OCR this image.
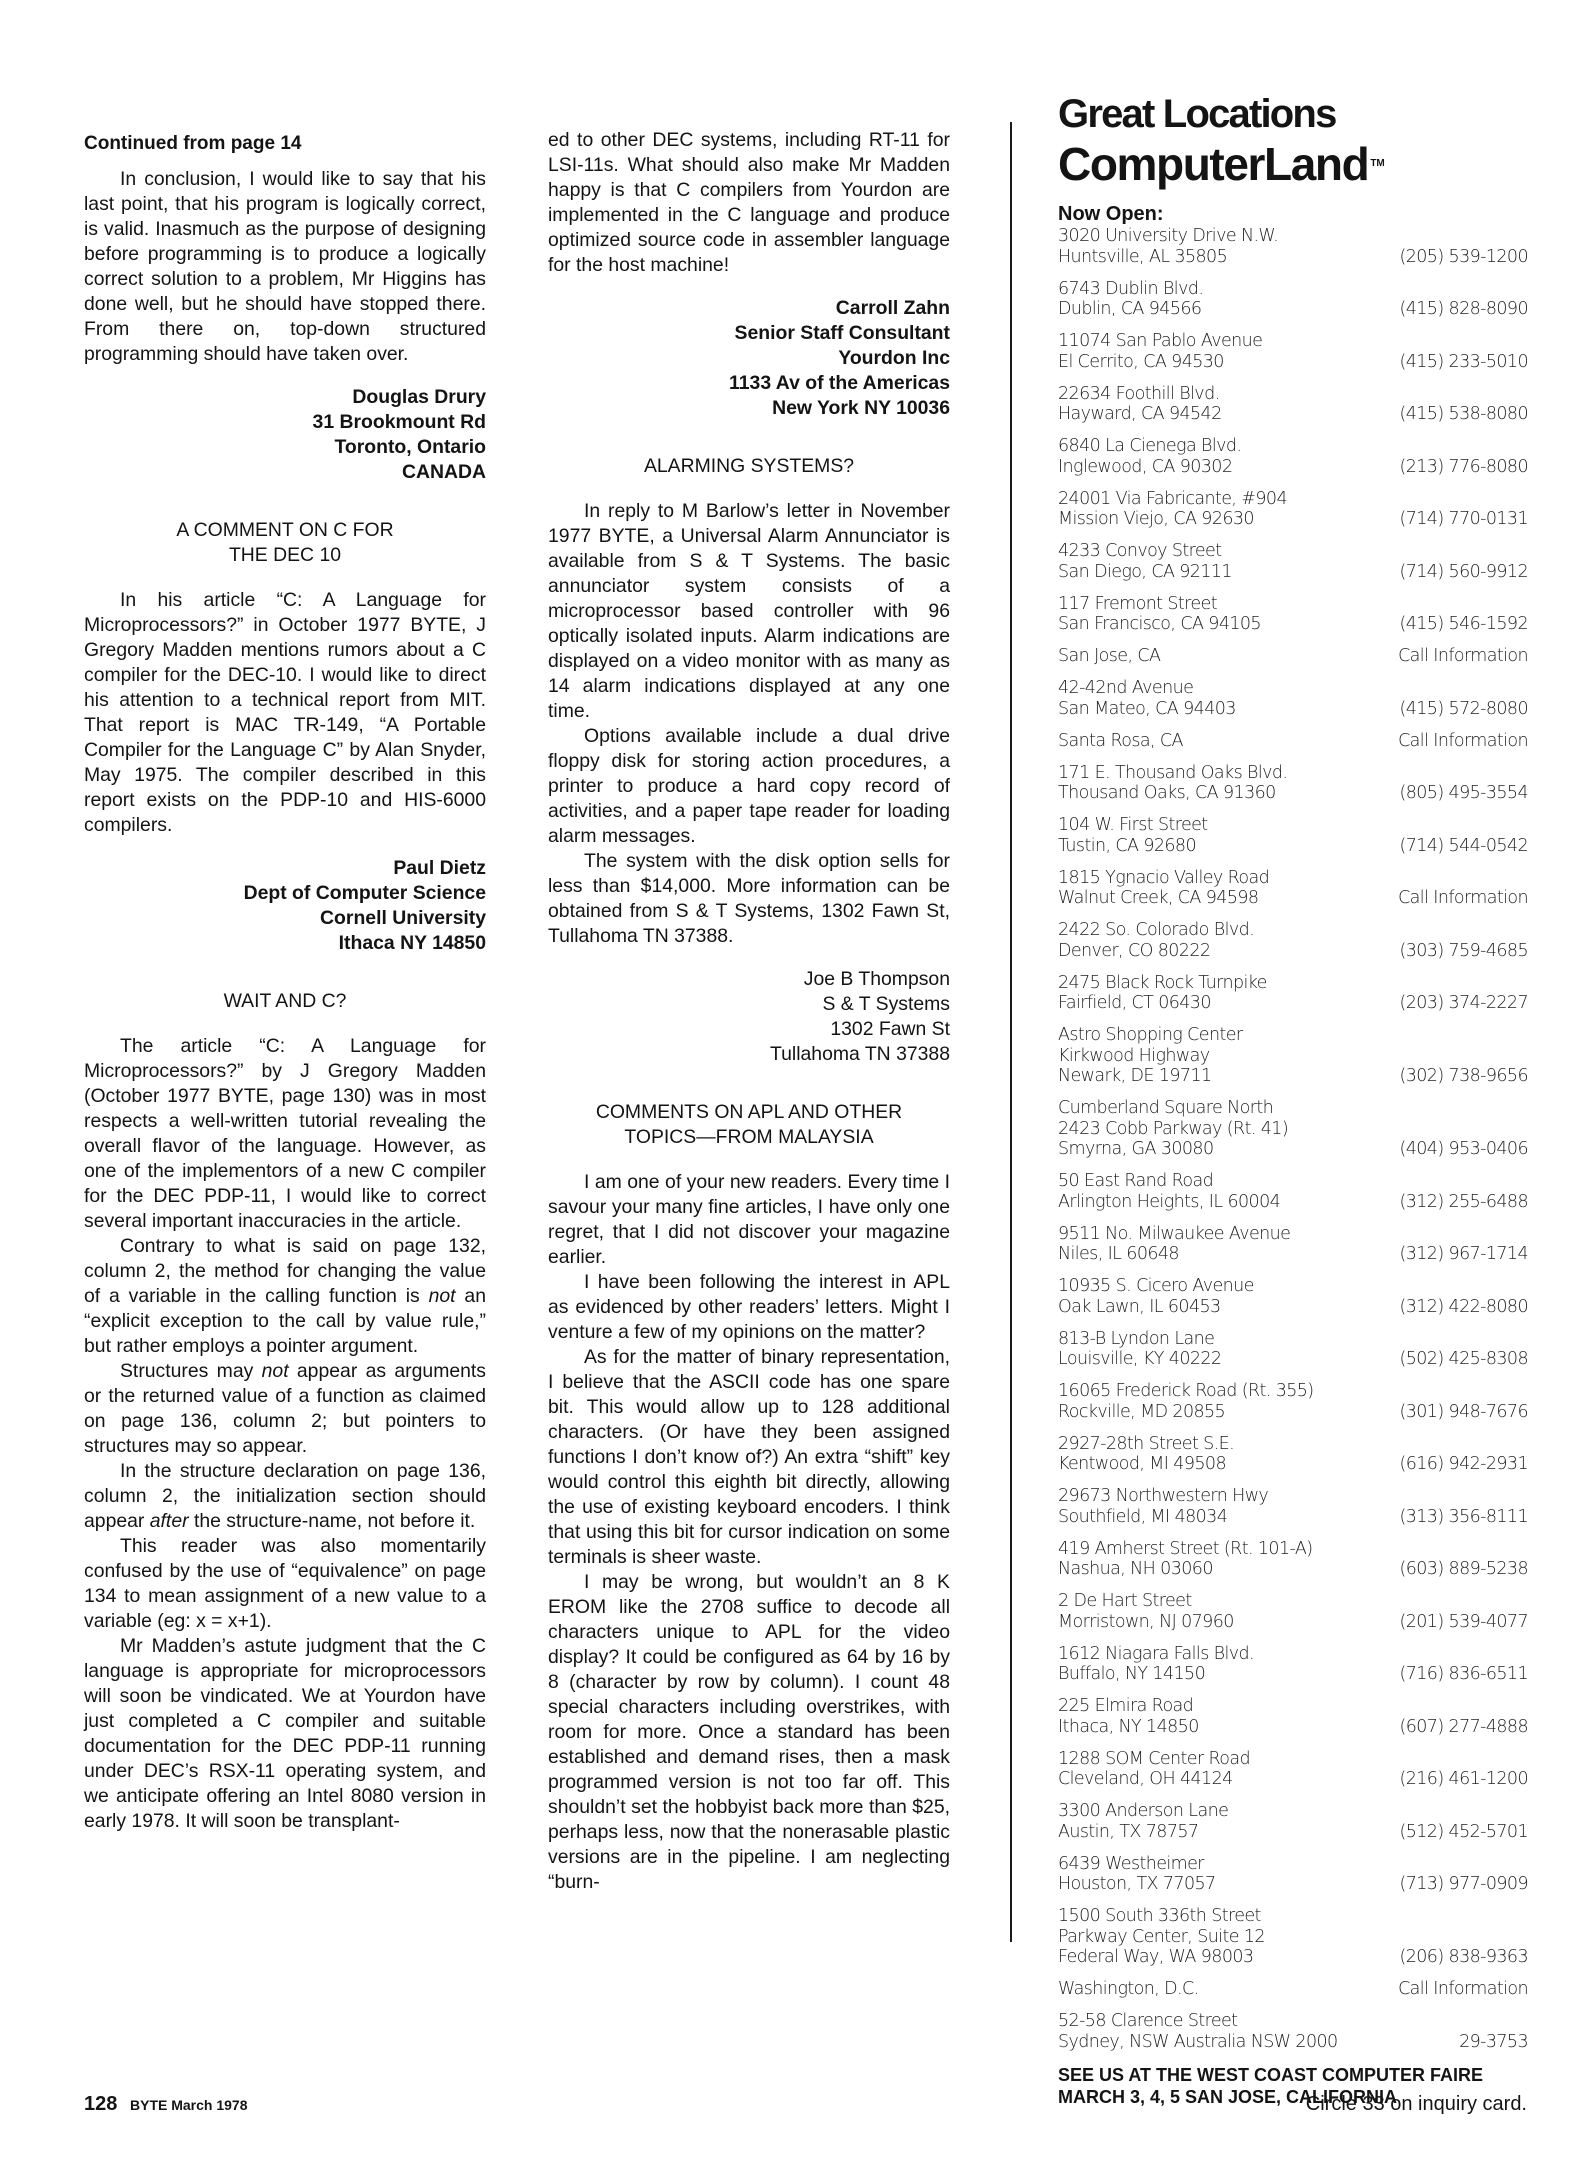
Continued from page 14

In conclusion, I would like to say that his last point, that his program is logically correct, is valid. Inasmuch as the purpose of designing before programming is to produce a logically correct solution to a problem, Mr Higgins has done well, but he should have stopped there. From there on, top-down structured programming should have taken over.

Douglas Drury
31 Brookmount Rd
Toronto, Ontario
CANADA
A COMMENT ON C FOR
THE DEC 10

In his article “C: A Language for Microprocessors?” in October 1977 BYTE, J Gregory Madden mentions rumors about a C compiler for the DEC-10. I would like to direct his attention to a technical report from MIT. That report is MAC TR-149, “A Portable Compiler for the Language C” by Alan Snyder, May 1975. The compiler described in this report exists on the PDP-10 and HIS-6000 compilers.

Paul Dietz
Dept of Computer Science
Cornell University
Ithaca NY 14850
WAIT AND C?

The article “C: A Language for Microprocessors?” by J Gregory Madden (October 1977 BYTE, page 130) was in most respects a well-written tutorial revealing the overall flavor of the language. However, as one of the implementors of a new C compiler for the DEC PDP-11, I would like to correct several important inaccuracies in the article.

Contrary to what is said on page 132, column 2, the method for changing the value of a variable in the calling function is not an “explicit exception to the call by value rule,” but rather employs a pointer argument.

Structures may not appear as arguments or the returned value of a function as claimed on page 136, column 2; but pointers to structures may so appear.

In the structure declaration on page 136, column 2, the initialization section should appear after the structure-name, not before it.

This reader was also momentarily confused by the use of “equivalence” on page 134 to mean assignment of a new value to a variable (eg: x = x+1).

Mr Madden’s astute judgment that the C language is appropriate for microprocessors will soon be vindicated. We at Yourdon have just completed a C compiler and suitable documentation for the DEC PDP-11 running under DEC’s RSX-11 operating system, and we anticipate offering an Intel 8080 version in early 1978. It will soon be transplant-

ed to other DEC systems, including RT-11 for LSI-11s. What should also make Mr Madden happy is that C compilers from Yourdon are implemented in the C language and produce optimized source code in assembler language for the host machine!

Carroll Zahn
Senior Staff Consultant
Yourdon Inc
1133 Av of the Americas
New York NY 10036
ALARMING SYSTEMS?

In reply to M Barlow’s letter in November 1977 BYTE, a Universal Alarm Annunciator is available from S & T Systems. The basic annunciator system consists of a microprocessor based controller with 96 optically isolated inputs. Alarm indications are displayed on a video monitor with as many as 14 alarm indications displayed at any one time.

Options available include a dual drive floppy disk for storing action procedures, a printer to produce a hard copy record of activities, and a paper tape reader for loading alarm messages.

The system with the disk option sells for less than $14,000. More information can be obtained from S & T Systems, 1302 Fawn St, Tullahoma TN 37388.

Joe B Thompson
S & T Systems
1302 Fawn St
Tullahoma TN 37388
COMMENTS ON APL AND OTHER
TOPICS—FROM MALAYSIA

I am one of your new readers. Every time I savour your many fine articles, I have only one regret, that I did not discover your magazine earlier.

I have been following the interest in APL as evidenced by other readers’ letters. Might I venture a few of my opinions on the matter?

As for the matter of binary representation, I believe that the ASCII code has one spare bit. This would allow up to 128 additional characters. (Or have they been assigned functions I don’t know of?) An extra “shift” key would control this eighth bit directly, allowing the use of existing keyboard encoders. I think that using this bit for cursor indication on some terminals is sheer waste.

I may be wrong, but wouldn’t an 8 K EROM like the 2708 suffice to decode all characters unique to APL for the video display? It could be configured as 64 by 16 by 8 (character by row by column). I count 48 special characters including overstrikes, with room for more. Once a standard has been established and demand rises, then a mask programmed version is not too far off. This shouldn’t set the hobbyist back more than $25, perhaps less, now that the nonerasable plastic versions are in the pipeline. I am neglecting “burn-

Great Locations
ComputerLand ™
Now Open:
3020 University Drive N.W.
Huntsville, AL 35805	(205) 539-1200
6743 Dublin Blvd.
Dublin, CA 94566	(415) 828-8090
11074 San Pablo Avenue
El Cerrito, CA 94530	(415) 233-5010
22634 Foothill Blvd.
Hayward, CA 94542	(415) 538-8080
6840 La Cienega Blvd.
Inglewood, CA 90302	(213) 776-8080
24001 Via Fabricante, #904
Mission Viejo, CA 92630	(714) 770-0131
4233 Convoy Street
San Diego, CA 92111	(714) 560-9912
117 Fremont Street
San Francisco, CA 94105	(415) 546-1592
San Jose, CA	Call Information
42-42nd Avenue
San Mateo, CA 94403	(415) 572-8080
Santa Rosa, CA	Call Information
171 E. Thousand Oaks Blvd.
Thousand Oaks, CA 91360	(805) 495-3554
104 W. First Street
Tustin, CA 92680	(714) 544-0542
1815 Ygnacio Valley Road
Walnut Creek, CA 94598	Call Information
2422 So. Colorado Blvd.
Denver, CO 80222	(303) 759-4685
2475 Black Rock Turnpike
Fairfield, CT 06430	(203) 374-2227
Astro Shopping Center
Kirkwood Highway
Newark, DE 19711	(302) 738-9656
Cumberland Square North
2423 Cobb Parkway (Rt. 41)
Smyrna, GA 30080	(404) 953-0406
50 East Rand Road
Arlington Heights, IL 60004	(312) 255-6488
9511 No. Milwaukee Avenue
Niles, IL 60648	(312) 967-1714
10935 S. Cicero Avenue
Oak Lawn, IL 60453	(312) 422-8080
813-B Lyndon Lane
Louisville, KY 40222	(502) 425-8308
16065 Frederick Road (Rt. 355)
Rockville, MD 20855	(301) 948-7676
2927-28th Street S.E.
Kentwood, MI 49508	(616) 942-2931
29673 Northwestern Hwy
Southfield, MI 48034	(313) 356-8111
419 Amherst Street (Rt. 101-A)
Nashua, NH 03060	(603) 889-5238
2 De Hart Street
Morristown, NJ 07960	(201) 539-4077
1612 Niagara Falls Blvd.
Buffalo, NY 14150	(716) 836-6511
225 Elmira Road
Ithaca, NY 14850	(607) 277-4888
1288 SOM Center Road
Cleveland, OH 44124	(216) 461-1200
3300 Anderson Lane
Austin, TX 78757	(512) 452-5701
6439 Westheimer
Houston, TX 77057	(713) 977-0909
1500 South 336th Street
Parkway Center, Suite 12
Federal Way, WA 98003	(206) 838-9363
Washington, D.C.	Call Information
52-58 Clarence Street
Sydney, NSW Australia NSW 2000	29-3753
SEE US AT THE WEST COAST COMPUTER FAIRE
MARCH 3, 4, 5 SAN JOSE, CALIFORNIA
128 BYTE March 1978	Circle 33 on inquiry card.
